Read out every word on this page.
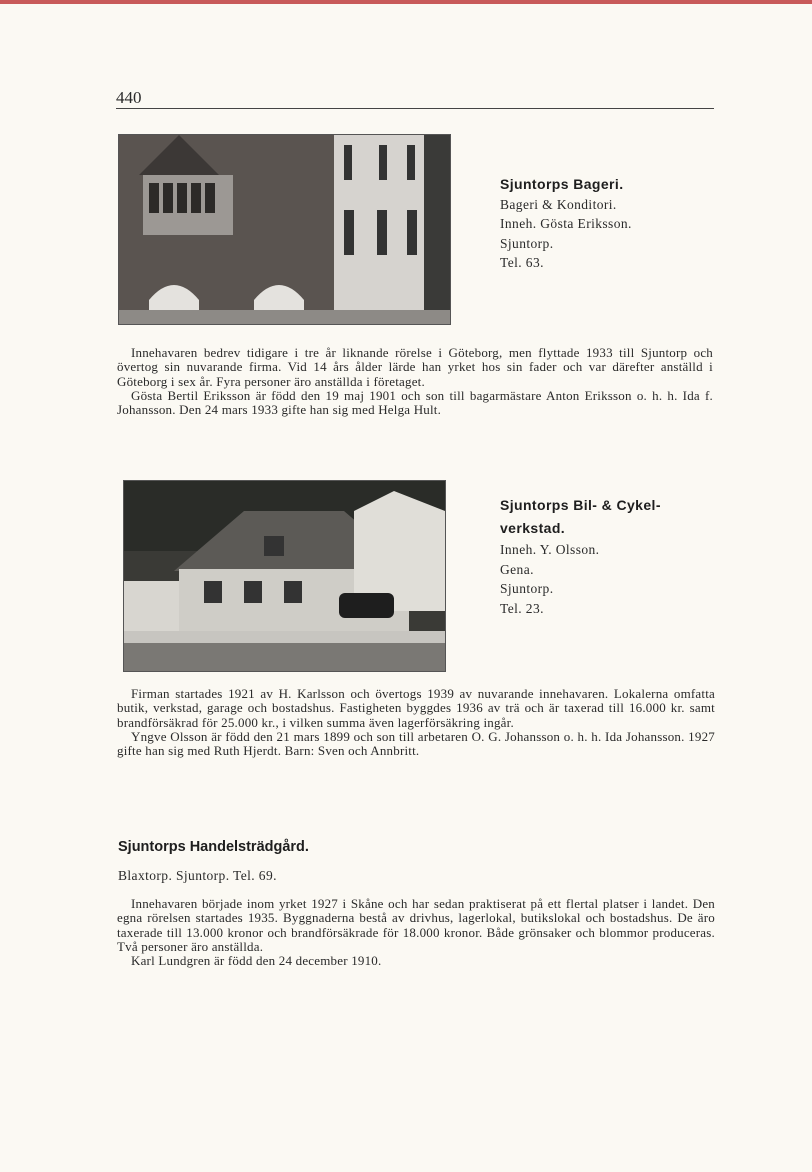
440
Sjuntorps Bageri.
Bageri & Konditori.
Inneh. Gösta Eriksson.
Sjuntorp.
Tel. 63.

Innehavaren bedrev tidigare i tre år liknande rörelse i Göteborg, men flyttade 1933 till Sjuntorp och övertog sin nuvarande firma. Vid 14 års ålder lärde han yrket hos sin fader och var därefter anställd i Göteborg i sex år. Fyra personer äro anställda i företaget.

Gösta Bertil Eriksson är född den 19 maj 1901 och son till bagarmästare Anton Eriksson o. h. h. Ida f. Johansson. Den 24 mars 1933 gifte han sig med Helga Hult.

Sjuntorps Bil- & Cykel-verkstad.
Inneh. Y. Olsson.
Gena.
Sjuntorp.
Tel. 23.

Firman startades 1921 av H. Karlsson och övertogs 1939 av nuvarande innehavaren. Lokalerna omfatta butik, verkstad, garage och bostadshus. Fastigheten byggdes 1936 av trä och är taxerad till 16.000 kr. samt brandförsäkrad för 25.000 kr., i vilken summa även lagerförsäkring ingår.

Yngve Olsson är född den 21 mars 1899 och son till arbetaren O. G. Johansson o. h. h. Ida Johansson. 1927 gifte han sig med Ruth Hjerdt. Barn: Sven och Annbritt.

Sjuntorps Handelsträdgård.
Blaxtorp. Sjuntorp. Tel. 69.

Innehavaren började inom yrket 1927 i Skåne och har sedan praktiserat på ett flertal platser i landet. Den egna rörelsen startades 1935. Byggnaderna bestå av drivhus, lagerlokal, butikslokal och bostadshus. De äro taxerade till 13.000 kronor och brandförsäkrade för 18.000 kronor. Både grönsaker och blommor produceras. Två personer äro anställda.

Karl Lundgren är född den 24 december 1910.
